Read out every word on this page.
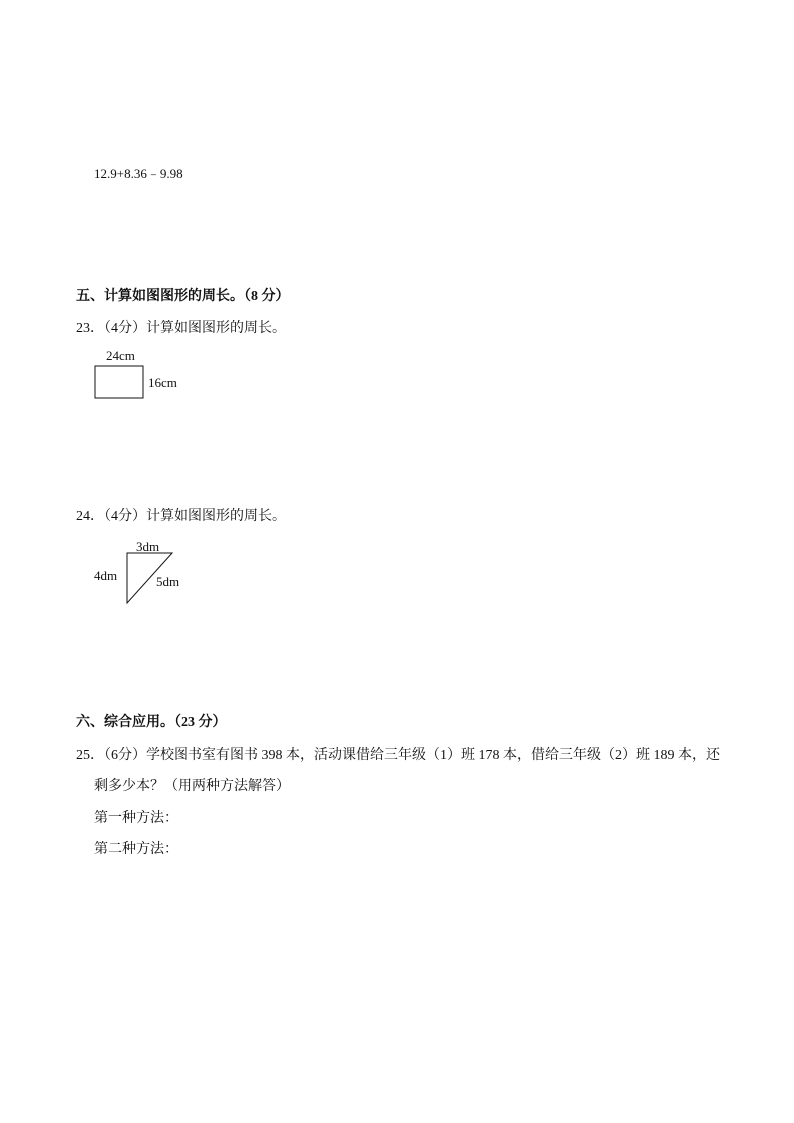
12.9+8.36﹣9.98
五、计算如图图形的周长。（8 分）
23．（4分）计算如图图形的周长。
24cm
16cm
24．（4分）计算如图图形的周长。
3dm
4dm	5dm
六、综合应用。（23 分）
25．（6分）学校图书室有图书 398 本，活动课借给三年级（1）班 178 本，借给三年级（2）班 189 本，还
剩多少本？（用两种方法解答）
第一种方法：
第二种方法：
